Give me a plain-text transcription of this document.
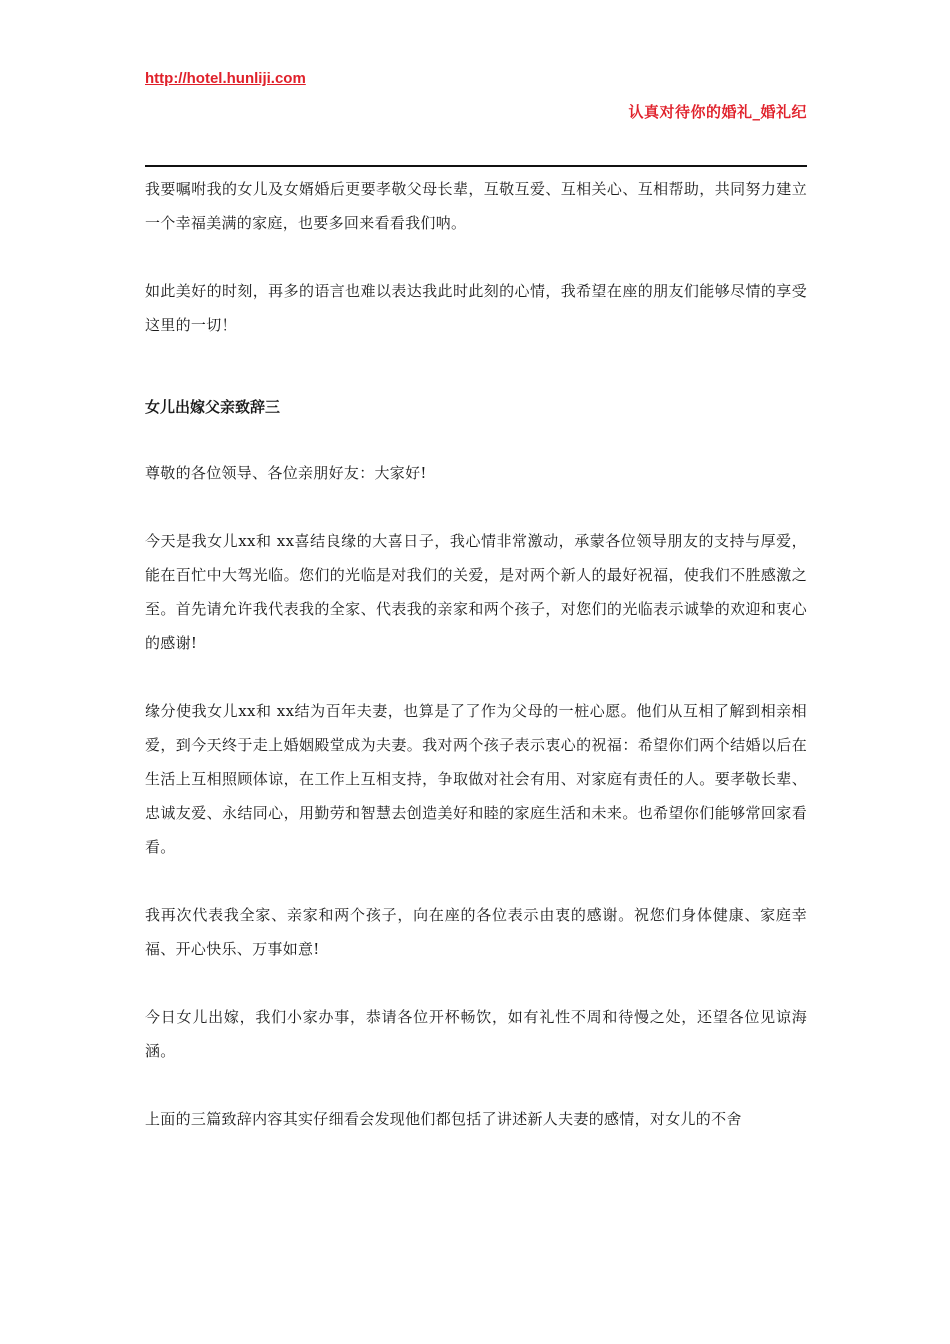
http://hotel.hunliji.com
认真对待你的婚礼_婚礼纪

我要嘱咐我的女儿及女婿婚后更要孝敬父母长辈，互敬互爱、互相关心、互相帮助，共同努力建立一个幸福美满的家庭，也要多回来看看我们呐。

如此美好的时刻，再多的语言也难以表达我此时此刻的心情，我希望在座的朋友们能够尽情的享受这里的一切！

女儿出嫁父亲致辞三

尊敬的各位领导、各位亲朋好友：大家好!

今天是我女儿xx和 xx喜结良缘的大喜日子，我心情非常激动，承蒙各位领导朋友的支持与厚爱，能在百忙中大驾光临。您们的光临是对我们的关爱，是对两个新人的最好祝福，使我们不胜感激之至。首先请允许我代表我的全家、代表我的亲家和两个孩子，对您们的光临表示诚挚的欢迎和衷心的感谢!

缘分使我女儿xx和 xx结为百年夫妻，也算是了了作为父母的一桩心愿。他们从互相了解到相亲相爱，到今天终于走上婚姻殿堂成为夫妻。我对两个孩子表示衷心的祝福：希望你们两个结婚以后在生活上互相照顾体谅，在工作上互相支持，争取做对社会有用、对家庭有责任的人。要孝敬长辈、忠诚友爱、永结同心，用勤劳和智慧去创造美好和睦的家庭生活和未来。也希望你们能够常回家看看。

我再次代表我全家、亲家和两个孩子，向在座的各位表示由衷的感谢。祝您们身体健康、家庭幸福、开心快乐、万事如意!

今日女儿出嫁，我们小家办事，恭请各位开杯畅饮，如有礼性不周和待慢之处，还望各位见谅海涵。

上面的三篇致辞内容其实仔细看会发现他们都包括了讲述新人夫妻的感情，对女儿的不舍
